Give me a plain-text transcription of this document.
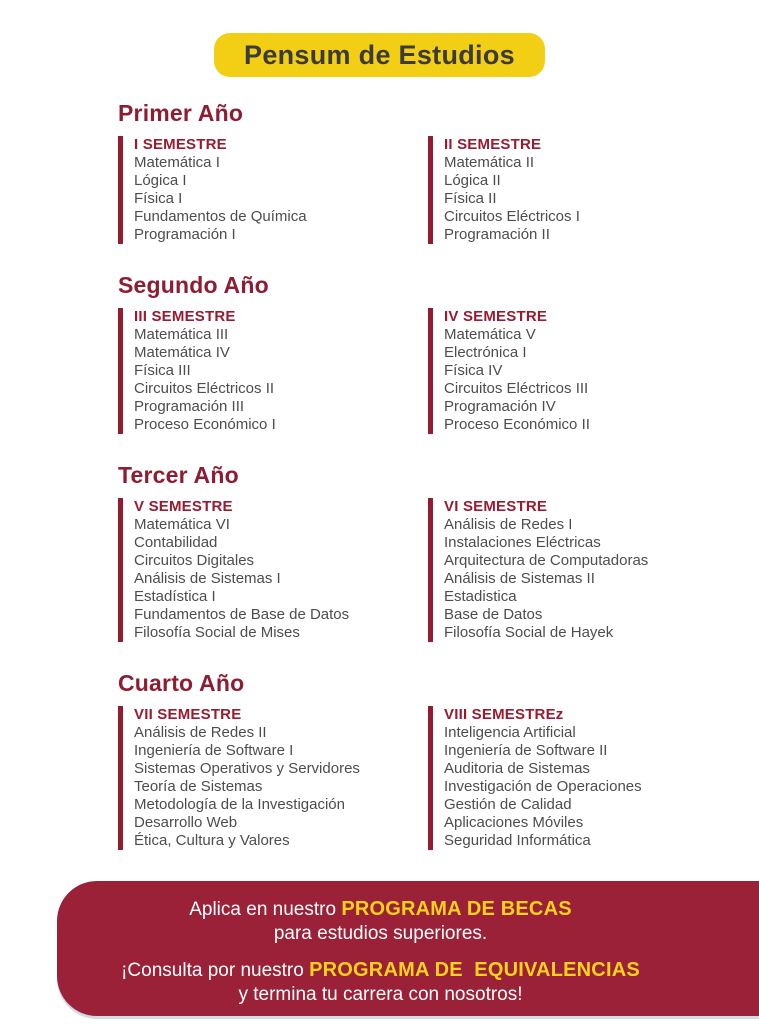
Pensum de Estudios
Primer Año
I SEMESTRE
Matemática I
Lógica I
Física I
Fundamentos de Química
Programación I
II SEMESTRE
Matemática II
Lógica II
Física II
Circuitos Eléctricos I
Programación II
Segundo Año
III SEMESTRE
Matemática III
Matemática IV
Física III
Circuitos Eléctricos II
Programación III
Proceso Económico I
IV SEMESTRE
Matemática V
Electrónica I
Física IV
Circuitos Eléctricos III
Programación IV
Proceso Económico II
Tercer Año
V SEMESTRE
Matemática VI
Contabilidad
Circuitos Digitales
Análisis de Sistemas I
Estadística I
Fundamentos de Base de Datos
Filosofía Social de Mises
VI SEMESTRE
Análisis de Redes I
Instalaciones Eléctricas
Arquitectura de Computadoras
Análisis de Sistemas II
Estadistica
Base de Datos
Filosofía Social de Hayek
Cuarto Año
VII SEMESTRE
Análisis de Redes II
Ingeniería de Software I
Sistemas Operativos y Servidores
Teoría de Sistemas
Metodología de la Investigación
Desarrollo Web
Ética, Cultura y Valores
VIII SEMESTREz
Inteligencia Artificial
Ingeniería de Software II
Auditoria de Sistemas
Investigación de Operaciones
Gestión de Calidad
Aplicaciones Móviles
Seguridad Informática

Aplica en nuestro PROGRAMA DE BECAS

para estudios superiores.

¡Consulta por nuestro PROGRAMA DE  EQUIVALENCIAS

y termina tu carrera con nosotros!
